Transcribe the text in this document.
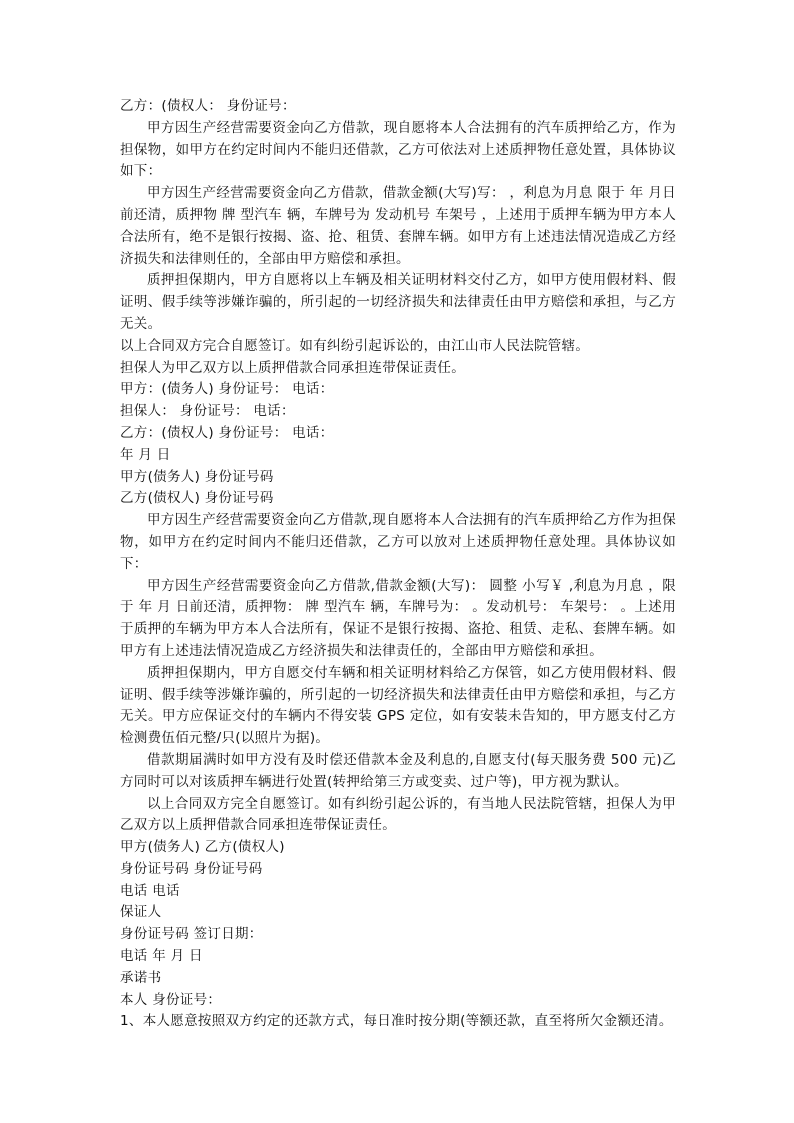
乙方：(债权人： 身份证号：

甲方因生产经营需要资金向乙方借款，现自愿将本人合法拥有的汽车质押给乙方，作为担保物，如甲方在约定时间内不能归还借款，乙方可依法对上述质押物任意处置，具体协议如下：

甲方因生产经营需要资金向乙方借款，借款金额(大写)写： ，利息为月息 限于 年 月日前还清，质押物 牌 型汽车 辆，车牌号为 发动机号 车架号 ，上述用于质押车辆为甲方本人合法所有，绝不是银行按揭、盗、抢、租赁、套牌车辆。如甲方有上述违法情况造成乙方经济损失和法律则任的，全部由甲方赔偿和承担。

质押担保期内，甲方自愿将以上车辆及相关证明材料交付乙方，如甲方使用假材料、假证明、假手续等涉嫌诈骗的，所引起的一切经济损失和法律责任由甲方赔偿和承担，与乙方无关。

以上合同双方完合自愿签订。如有纠纷引起诉讼的，由江山市人民法院管辖。

担保人为甲乙双方以上质押借款合同承担连带保证责任。

甲方：(债务人) 身份证号： 电话：

担保人： 身份证号： 电话：

乙方：(债权人) 身份证号： 电话：

年 月 日

甲方(债务人) 身份证号码

乙方(债权人) 身份证号码

甲方因生产经营需要资金向乙方借款,现自愿将本人合法拥有的汽车质押给乙方作为担保物，如甲方在约定时间内不能归还借款，乙方可以放对上述质押物任意处理。具体协议如下：

甲方因生产经营需要资金向乙方借款,借款金额(大写)： 圆整 小写￥ ,利息为月息 ，限于 年 月 日前还清，质押物： 牌 型汽车 辆，车牌号为： 。发动机号： 车架号： 。上述用于质押的车辆为甲方本人合法所有，保证不是银行按揭、盗抢、租赁、走私、套牌车辆。如甲方有上述违法情况造成乙方经济损失和法律责任的，全部由甲方赔偿和承担。

质押担保期内，甲方自愿交付车辆和相关证明材料给乙方保管，如乙方使用假材料、假证明、假手续等涉嫌诈骗的，所引起的一切经济损失和法律责任由甲方赔偿和承担，与乙方无关。甲方应保证交付的车辆内不得安装 GPS 定位，如有安装未告知的，甲方愿支付乙方检测费伍佰元整/只(以照片为据)。

借款期届满时如甲方没有及时偿还借款本金及利息的,自愿支付(每天服务费 500 元)乙方同时可以对该质押车辆进行处置(转押给第三方或变卖、过户等)，甲方视为默认。

以上合同双方完全自愿签订。如有纠纷引起公诉的，有当地人民法院管辖，担保人为甲乙双方以上质押借款合同承担连带保证责任。

甲方(债务人) 乙方(债权人)

身份证号码 身份证号码

电话 电话

保证人

身份证号码 签订日期：

电话 年 月 日

承诺书

本人 身份证号：

1、本人愿意按照双方约定的还款方式，每日准时按分期(等额还款，直至将所欠金额还清。
